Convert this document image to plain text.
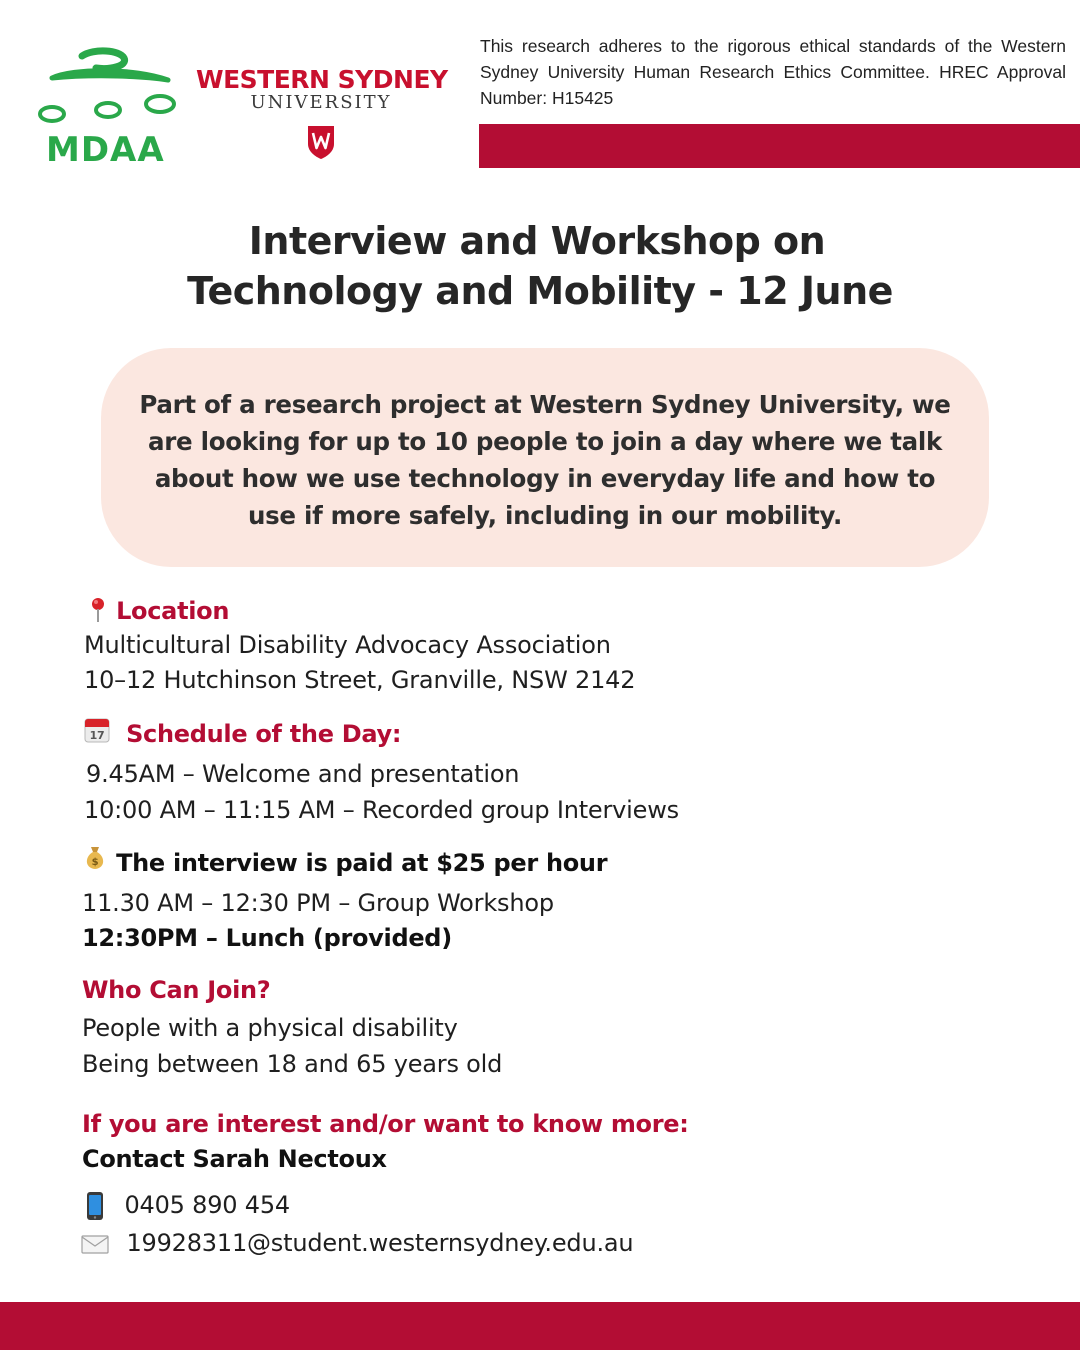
MDAA
WESTERN SYDNEY
UNIVERSITY
This research adheres to the rigorous ethical standards of the Western Sydney University Human Research Ethics Committee. HREC Approval Number: H15425
Interview and Workshop on
Technology and Mobility - 12 June
Part of a research project at Western Sydney University, we are looking for up to 10 people to join a day where we talk about how we use technology in everyday life and how to use if more safely, including in our mobility.
Location
Multicultural Disability Advocacy Association
10–12 Hutchinson Street, Granville, NSW 2142
17 Schedule of the Day:
9.45AM – Welcome and presentation
10:00 AM – 11:15 AM – Recorded group Interviews
$ The interview is paid at $25 per hour
11.30 AM – 12:30 PM – Group Workshop
12:30PM – Lunch (provided)
Who Can Join?
People with a physical disability
Being between 18 and 65 years old
If you are interest and/or want to know more:
Contact Sarah Nectoux
0405 890 454
19928311@student.westernsydney.edu.au
